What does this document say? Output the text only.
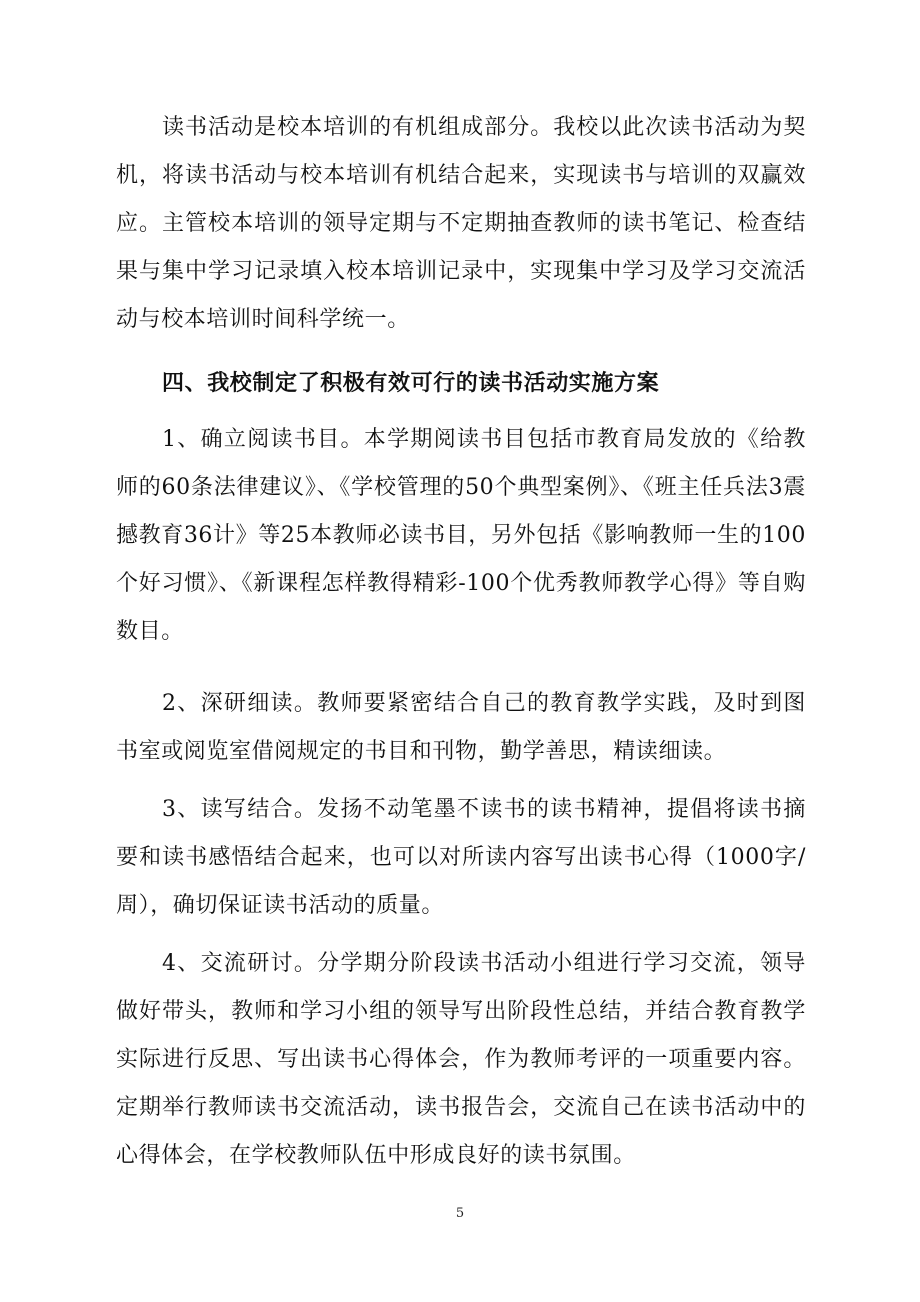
读书活动是校本培训的有机组成部分。我校以此次读书活动为契机，将读书活动与校本培训有机结合起来，实现读书与培训的双赢效应。主管校本培训的领导定期与不定期抽查教师的读书笔记、检查结果与集中学习记录填入校本培训记录中，实现集中学习及学习交流活动与校本培训时间科学统一。

四、我校制定了积极有效可行的读书活动实施方案

1、确立阅读书目。本学期阅读书目包括市教育局发放的《给教师的60条法律建议》、《学校管理的50个典型案例》、《班主任兵法3震撼教育36计》等25本教师必读书目，另外包括《影响教师一生的100个好习惯》、《新课程怎样教得精彩-100个优秀教师教学心得》等自购数目。

2、深研细读。教师要紧密结合自己的教育教学实践，及时到图书室或阅览室借阅规定的书目和刊物，勤学善思，精读细读。

3、读写结合。发扬不动笔墨不读书的读书精神，提倡将读书摘要和读书感悟结合起来，也可以对所读内容写出读书心得（1000字/周），确切保证读书活动的质量。

4、交流研讨。分学期分阶段读书活动小组进行学习交流，领导做好带头，教师和学习小组的领导写出阶段性总结，并结合教育教学实际进行反思、写出读书心得体会，作为教师考评的一项重要内容。定期举行教师读书交流活动，读书报告会，交流自己在读书活动中的心得体会，在学校教师队伍中形成良好的读书氛围。

5
